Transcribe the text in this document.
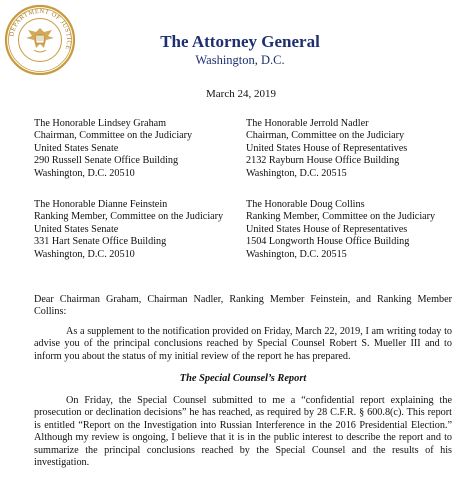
DEPARTMENT OF JUSTICE	The Attorney General
Washington, D.C.
March 24, 2019
The Honorable Lindsey Graham
Chairman, Committee on the Judiciary
United States Senate
290 Russell Senate Office Building
Washington, D.C. 20510
The Honorable Jerrold Nadler
Chairman, Committee on the Judiciary
United States House of Representatives
2132 Rayburn House Office Building
Washington, D.C. 20515
The Honorable Dianne Feinstein
Ranking Member, Committee on the Judiciary
United States Senate
331 Hart Senate Office Building
Washington, D.C. 20510
The Honorable Doug Collins
Ranking Member, Committee on the Judiciary
United States House of Representatives
1504 Longworth House Office Building
Washington, D.C. 20515
Dear Chairman Graham, Chairman Nadler, Ranking Member Feinstein, and Ranking Member Collins:
As a supplement to the notification provided on Friday, March 22, 2019, I am writing today to advise you of the principal conclusions reached by Special Counsel Robert S. Mueller III and to inform you about the status of my initial review of the report he has prepared.
The Special Counsel’s Report
On Friday, the Special Counsel submitted to me a “confidential report explaining the prosecution or declination decisions” he has reached, as required by 28 C.F.R. § 600.8(c). This report is entitled “Report on the Investigation into Russian Interference in the 2016 Presidential Election.” Although my review is ongoing, I believe that it is in the public interest to describe the report and to summarize the principal conclusions reached by the Special Counsel and the results of his investigation.
